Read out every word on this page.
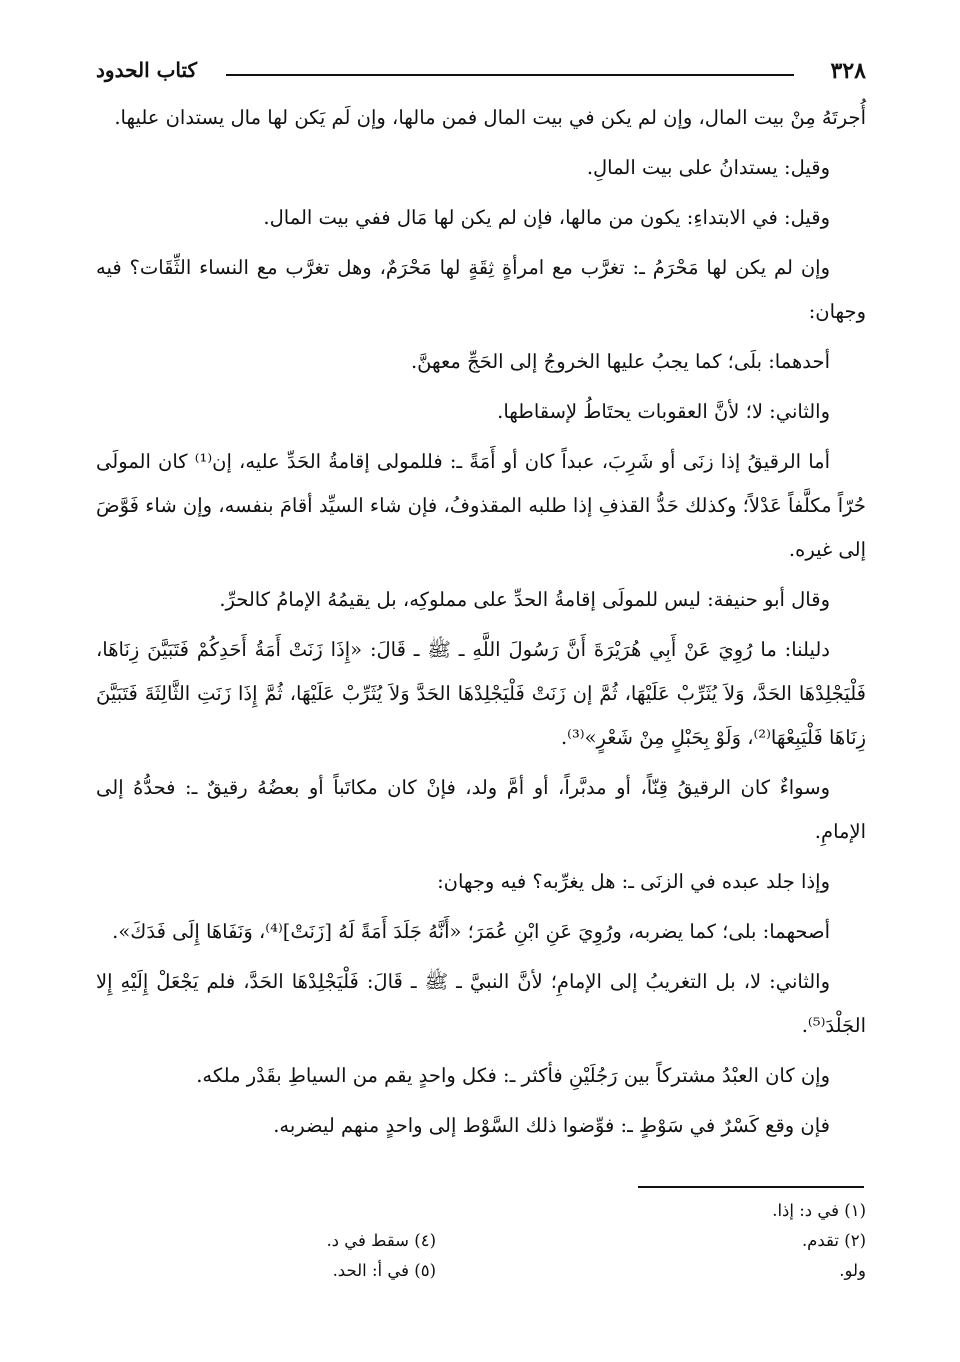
٣٢٨
كتاب الحدود

أُجرتَهُ مِنْ بيت المال، وإن لم يكن في بيت المال فمن مالها، وإن لَم يَكن لها مال يستدان عليها.

وقيل: يستدانُ على بيت المالِ.

وقيل: في الابتداءِ: يكون من مالها، فإن لم يكن لها مَال ففي بيت المال.

وإن لم يكن لها مَحْرَمُ ـ: تغرَّب مع امرأةٍ ثِقَةٍ لها مَحْرَمٌ، وهل تغرَّب مع النساء الثِّقَات؟ فيه وجهان:

أحدهما: بلَى؛ كما يجبُ عليها الخروجُ إلى الحَجِّ معهنَّ.

والثاني: لا؛ لأنَّ العقوبات يحتَاطُ لإسقاطها.

أما الرقيقُ إذا زنَى أو شَرِبَ، عبداً كان أو أَمَةً ـ: فللمولى إقامةُ الحَدِّ عليه، إن⁽¹⁾ كان المولَى حُرّاً مكلَّفاً عَدْلاً؛ وكذلك حَدُّ القذفِ إذا طلبه المقذوفُ، فإن شاء السيِّد أقامَ بنفسه، وإن شاء فَوَّضَ إلى غيره.

وقال أبو حنيفة: ليس للمولَى إقامةُ الحدِّ على مملوكِه، بل يقيمُهُ الإمامُ كالحرِّ.

دليلنا: ما رُوِيَ عَنْ أَبِي هُرَيْرَةَ أَنَّ رَسُولَ اللَّهِ ـ ﷺ ـ قَالَ: «إِذَا زَنَتْ أَمَةُ أَحَدِكُمْ فَتَبَيَّنَ زِنَاهَا، فَلْيَجْلِدْهَا الحَدَّ، وَلاَ يُثَرِّبْ عَلَيْهَا، ثُمَّ إن زَنَتْ فَلْيَجْلِدْهَا الحَدَّ وَلاَ يُثَرِّبْ عَلَيْهَا، ثُمَّ إِذَا زَنَتِ الثَّالِثَةَ فَتَبَيَّنَ زِنَاهَا فَلْيَبِعْهَا⁽²⁾، وَلَوْ بِحَبْلٍ مِنْ شَعْرٍ»⁽³⁾.

وسواءٌ كان الرقيقُ قِنّاً، أو مدبَّراً، أو أمَّ ولد، فإنْ كان مكاتَباً أو بعضُهُ رقيقٌ ـ: فحدُّهُ إلى الإمامِ.

وإذا جلد عبده في الزنَى ـ: هل يغرِّبه؟ فيه وجهان:

أصحهما: بلى؛ كما يضربه، ورُوِيَ عَنِ ابْنِ عُمَرَ؛ «أَنَّهُ جَلَدَ أَمَةً لَهُ [زَنَتْ]⁽⁴⁾، وَنَفَاهَا إِلَى فَدَكَ».

والثاني: لا، بل التغريبُ إلى الإمامِ؛ لأنَّ النبيَّ ـ ﷺ ـ قَالَ: فَلْيَجْلِدْهَا الحَدَّ، فلم يَجْعَلْ إِلَيْهِ إِلا الجَلْدَ⁽⁵⁾.

وإن كان العبْدُ مشتركاً بين رَجُلَيْنِ فأكثر ـ: فكل واحدٍ يقم من السياطِ بقَدْر ملكه.

فإن وقع كَسْرٌ في سَوْطٍ ـ: فوِّضوا ذلك السَّوْط إلى واحدٍ منهم ليضربه.

(١) في د: إذا.
(٢) تقدم.
ولو.
(٤) سقط في د.
(٥) في أ: الحد.
